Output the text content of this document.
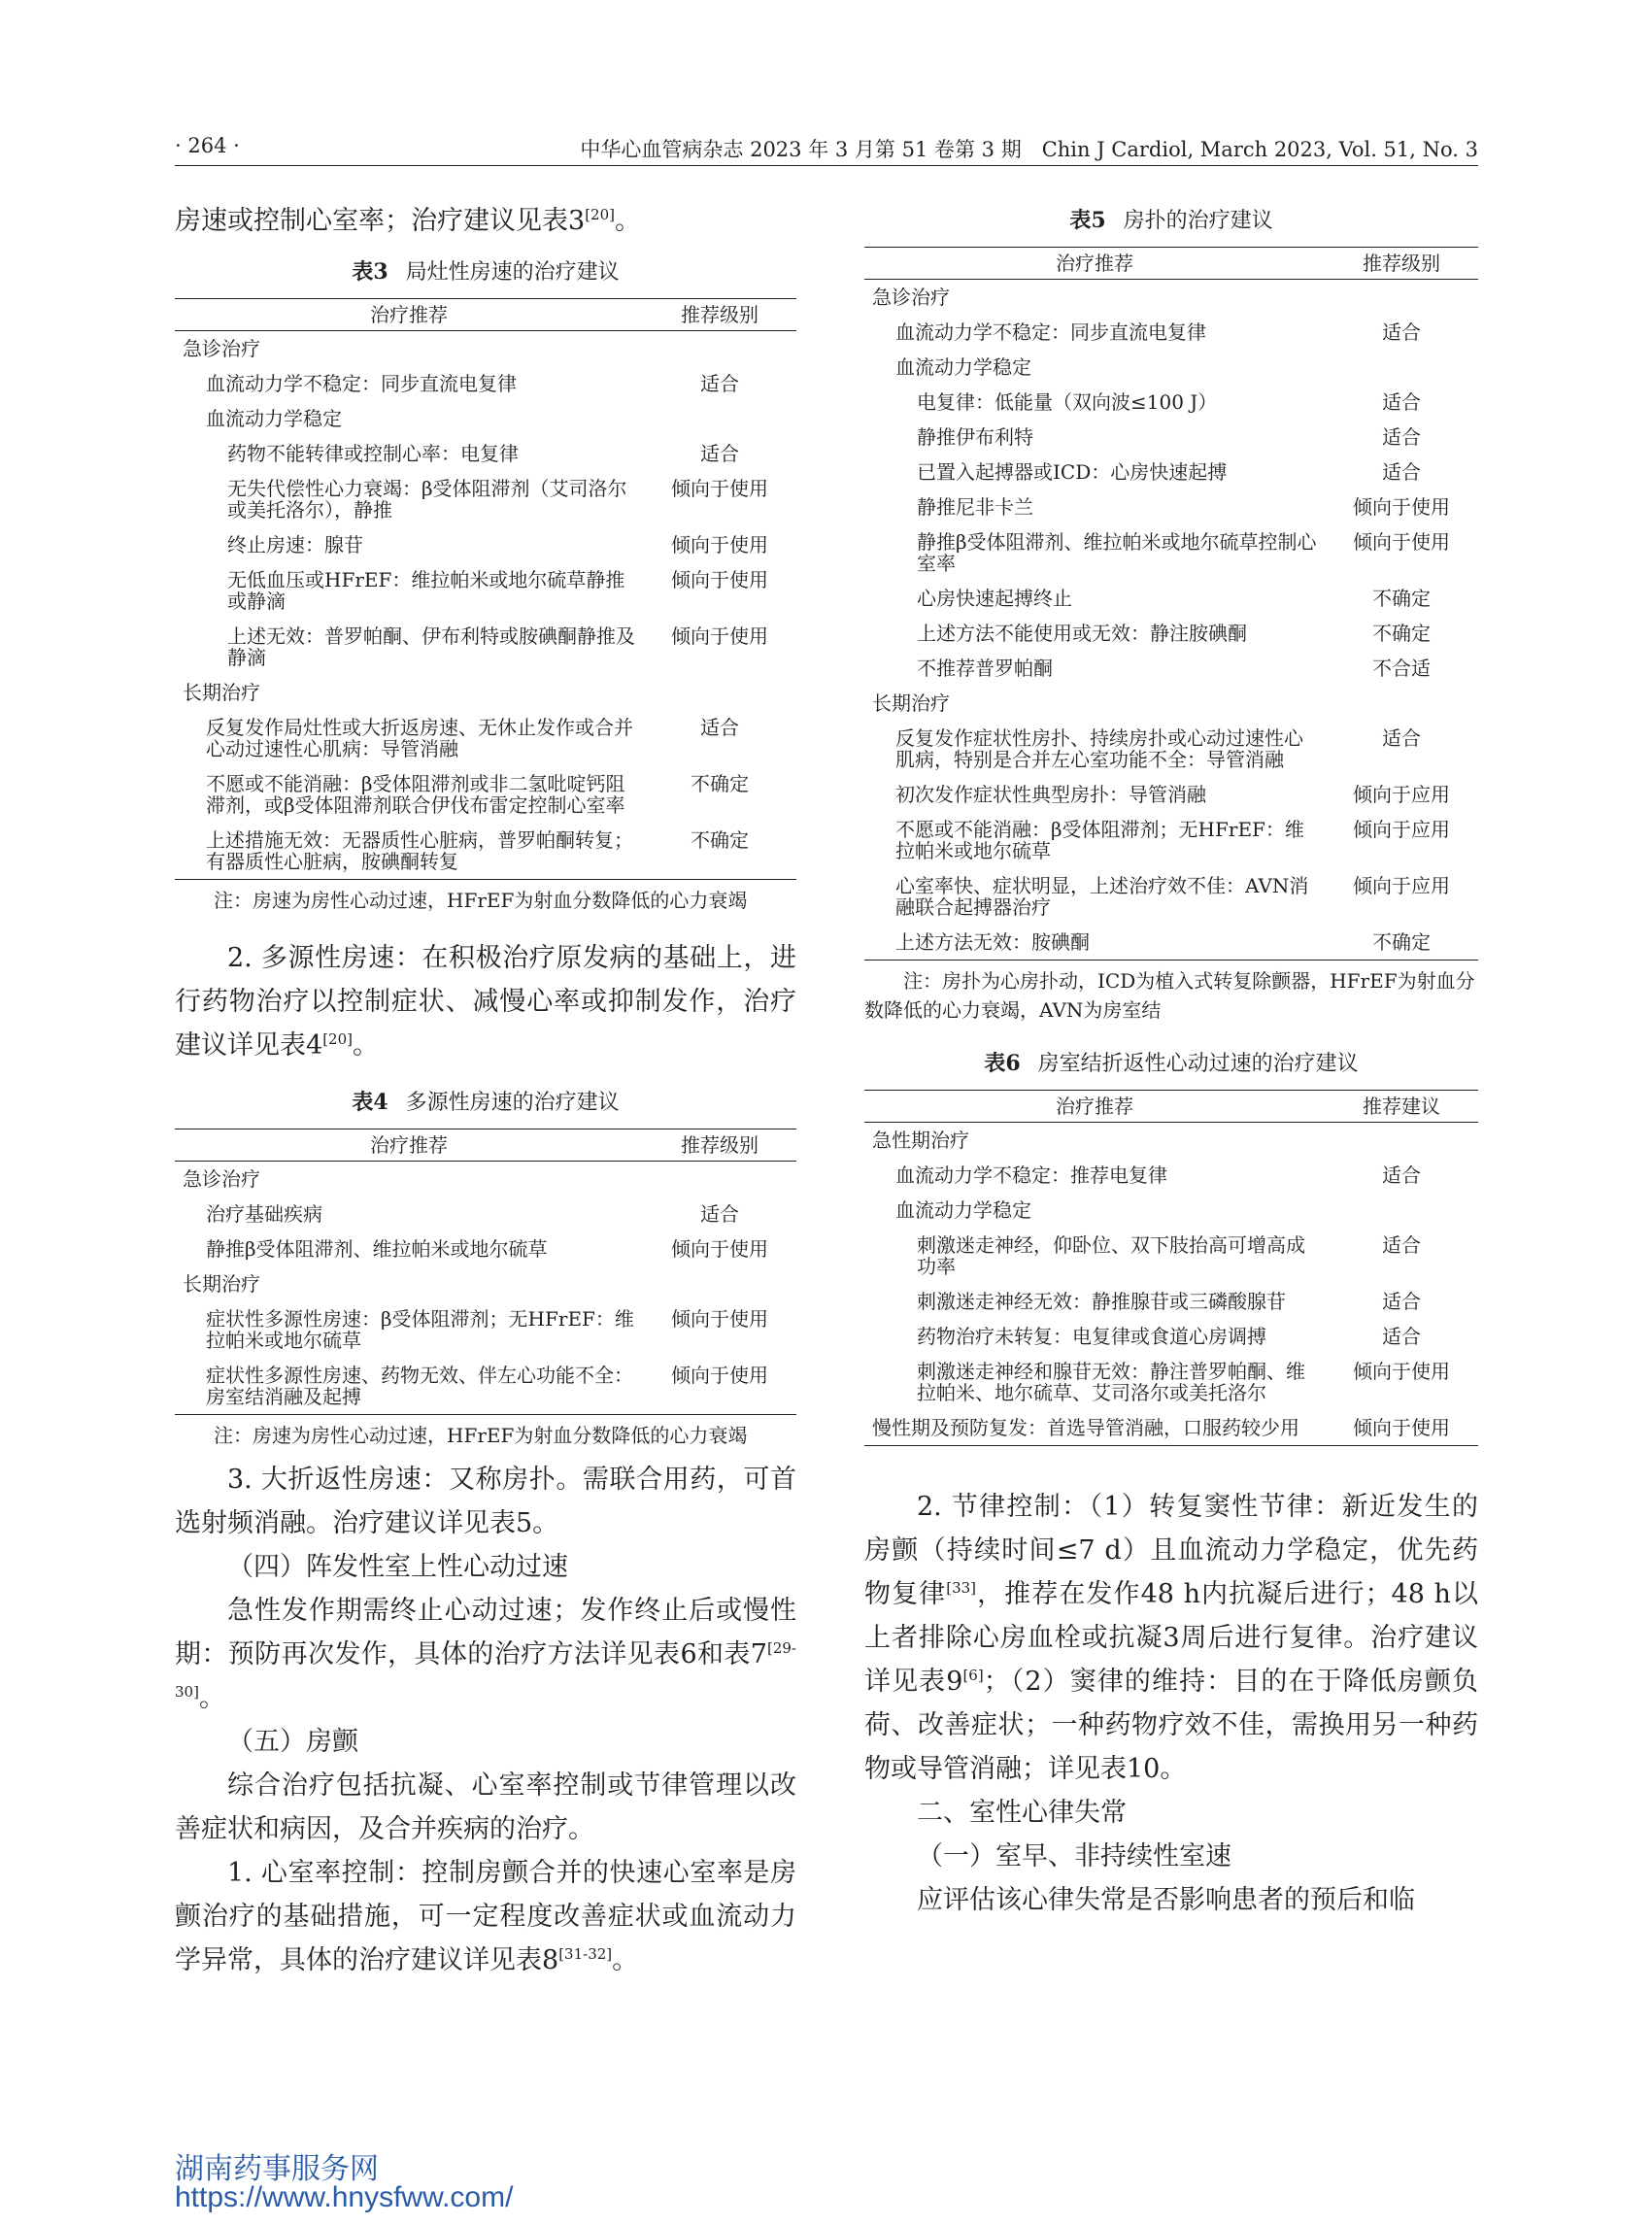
· 264 ·	中华心血管病杂志 2023 年 3 月第 51 卷第 3 期　Chin J Cardiol, March 2023, Vol. 51, No. 3

房速或控制心室率；治疗建议见表3[20]。

表3 局灶性房速的治疗建议
治疗推荐	推荐级别
急诊治疗	
血流动力学不稳定：同步直流电复律	适合
血流动力学稳定	
药物不能转律或控制心率：电复律	适合
无失代偿性心力衰竭：β受体阻滞剂（艾司洛尔或美托洛尔），静推	倾向于使用
终止房速：腺苷	倾向于使用
无低血压或HFrEF：维拉帕米或地尔硫草静推或静滴	倾向于使用
上述无效：普罗帕酮、伊布利特或胺碘酮静推及静滴	倾向于使用
长期治疗	
反复发作局灶性或大折返房速、无休止发作或合并心动过速性心肌病：导管消融	适合
不愿或不能消融：β受体阻滞剂或非二氢吡啶钙阻滞剂，或β受体阻滞剂联合伊伐布雷定控制心室率	不确定
上述措施无效：无器质性心脏病，普罗帕酮转复；有器质性心脏病，胺碘酮转复	不确定
注：房速为房性心动过速，HFrEF为射血分数降低的心力衰竭

2. 多源性房速：在积极治疗原发病的基础上，进行药物治疗以控制症状、减慢心率或抑制发作，治疗建议详见表4[20]。

表4 多源性房速的治疗建议
治疗推荐	推荐级别
急诊治疗	
治疗基础疾病	适合
静推β受体阻滞剂、维拉帕米或地尔硫草	倾向于使用
长期治疗	
症状性多源性房速：β受体阻滞剂；无HFrEF：维拉帕米或地尔硫草	倾向于使用
症状性多源性房速、药物无效、伴左心功能不全：房室结消融及起搏	倾向于使用
注：房速为房性心动过速，HFrEF为射血分数降低的心力衰竭

3. 大折返性房速：又称房扑。需联合用药，可首选射频消融。治疗建议详见表5。

（四）阵发性室上性心动过速

急性发作期需终止心动过速；发作终止后或慢性期：预防再次发作，具体的治疗方法详见表6和表7[29-30]。

（五）房颤

综合治疗包括抗凝、心室率控制或节律管理以改善症状和病因，及合并疾病的治疗。

1. 心室率控制：控制房颤合并的快速心室率是房颤治疗的基础措施，可一定程度改善症状或血流动力学异常，具体的治疗建议详见表8[31-32]。

表5 房扑的治疗建议
治疗推荐	推荐级别
急诊治疗	
血流动力学不稳定：同步直流电复律	适合
血流动力学稳定	
电复律：低能量（双向波≤100 J）	适合
静推伊布利特	适合
已置入起搏器或ICD：心房快速起搏	适合
静推尼非卡兰	倾向于使用
静推β受体阻滞剂、维拉帕米或地尔硫草控制心室率	倾向于使用
心房快速起搏终止	不确定
上述方法不能使用或无效：静注胺碘酮	不确定
不推荐普罗帕酮	不合适
长期治疗	
反复发作症状性房扑、持续房扑或心动过速性心肌病，特别是合并左心室功能不全：导管消融	适合
初次发作症状性典型房扑：导管消融	倾向于应用
不愿或不能消融：β受体阻滞剂；无HFrEF：维拉帕米或地尔硫草	倾向于应用
心室率快、症状明显，上述治疗效不佳：AVN消融联合起搏器治疗	倾向于应用
上述方法无效：胺碘酮	不确定
注：房扑为心房扑动，ICD为植入式转复除颤器，HFrEF为射血分数降低的心力衰竭，AVN为房室结
表6 房室结折返性心动过速的治疗建议
治疗推荐	推荐建议
急性期治疗	
血流动力学不稳定：推荐电复律	适合
血流动力学稳定	
刺激迷走神经，仰卧位、双下肢抬高可增高成功率	适合
刺激迷走神经无效：静推腺苷或三磷酸腺苷	适合
药物治疗未转复：电复律或食道心房调搏	适合
刺激迷走神经和腺苷无效：静注普罗帕酮、维拉帕米、地尔硫草、艾司洛尔或美托洛尔	倾向于使用
慢性期及预防复发：首选导管消融，口服药较少用	倾向于使用

2. 节律控制：（1）转复窦性节律：新近发生的房颤（持续时间≤7 d）且血流动力学稳定，优先药物复律[33]，推荐在发作48 h内抗凝后进行；48 h以上者排除心房血栓或抗凝3周后进行复律。治疗建议详见表9[6]；（2）窦律的维持：目的在于降低房颤负荷、改善症状；一种药物疗效不佳，需换用另一种药物或导管消融；详见表10。

二、室性心律失常

（一）室早、非持续性室速

应评估该心律失常是否影响患者的预后和临

湖南药事服务网
https://www.hnysfww.com/
